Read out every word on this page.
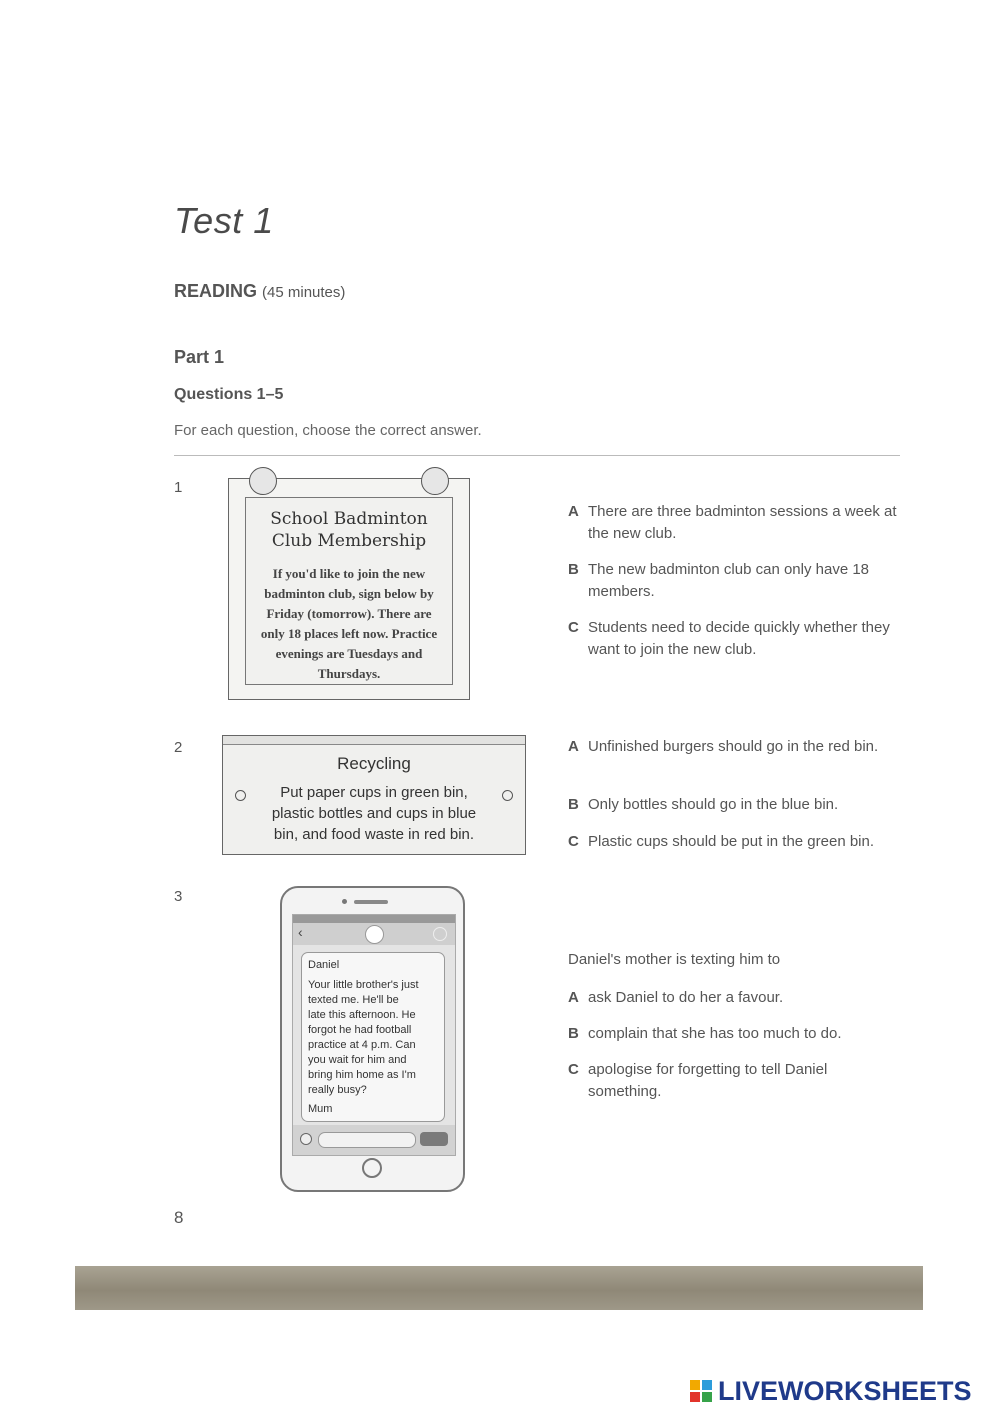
Test 1
READING (45 minutes)
Part 1
Questions 1–5
For each question, choose the correct answer.
1
School Badminton
Club Membership
If you'd like to join the new
badminton club, sign below by
Friday (tomorrow). There are
only 18 places left now. Practice
evenings are Tuesdays and
Thursdays.
A There are three badminton sessions a week at the new club.
B The new badminton club can only have 18 members.
C Students need to decide quickly whether they want to join the new club.
2
Recycling
Put paper cups in green bin,
plastic bottles and cups in blue
bin, and food waste in red bin.
A Unfinished burgers should go in the red bin.
B Only bottles should go in the blue bin.
C Plastic cups should be put in the green bin.
3
‹
Daniel
Your little brother's just
texted me. He'll be
late this afternoon. He
forgot he had football
practice at 4 p.m. Can
you wait for him and
bring him home as I'm
really busy?
Mum
Daniel's mother is texting him to
A ask Daniel to do her a favour.
B complain that she has too much to do.
C apologise for forgetting to tell Daniel something.
8
LIVEWORKSHEETS
